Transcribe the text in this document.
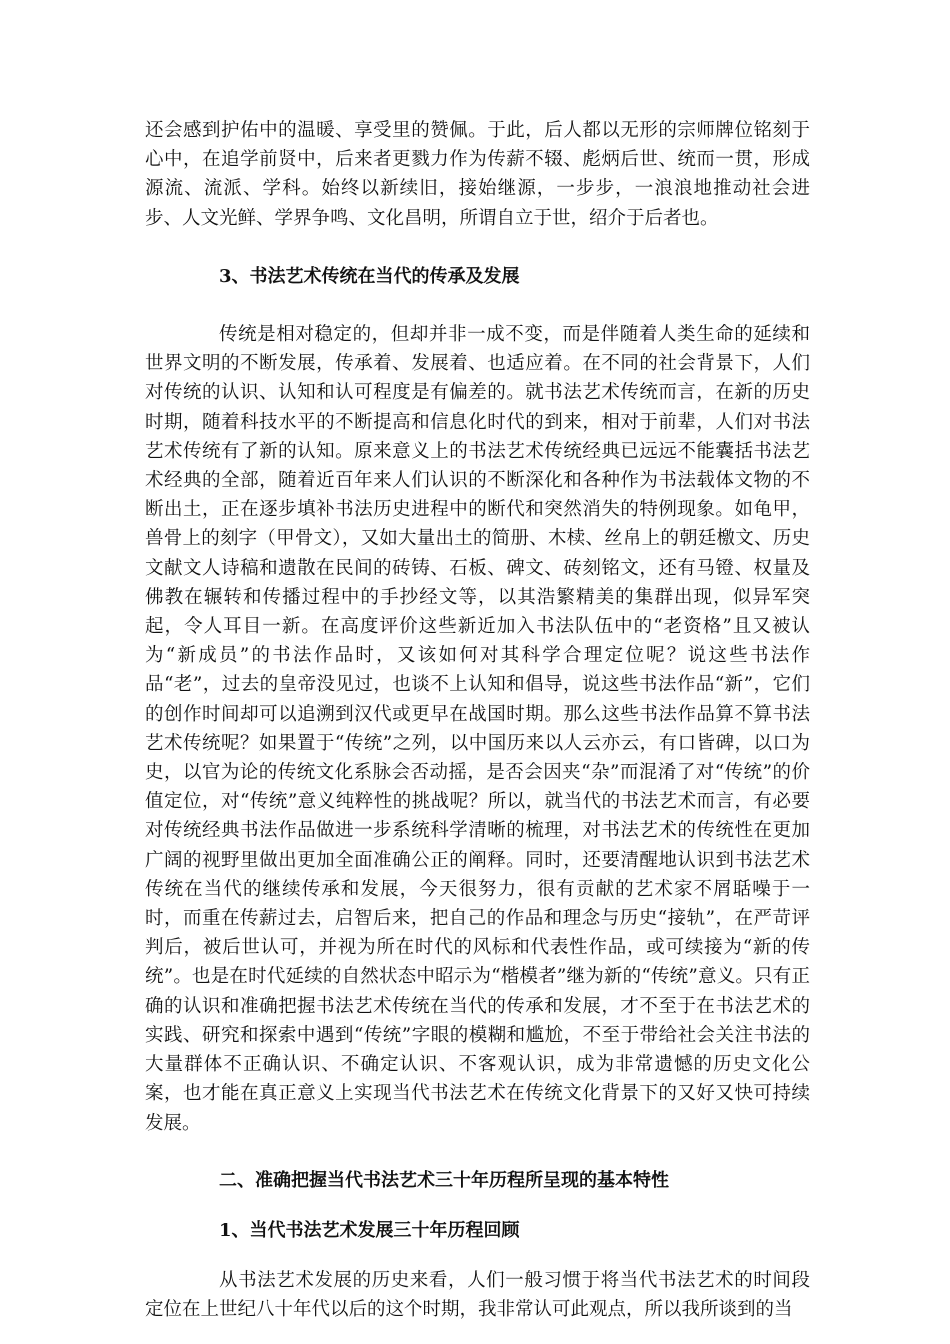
还会感到护佑中的温暖、享受里的赞佩。于此，后人都以无形的宗师牌位铭刻于心中，在追学前贤中，后来者更戮力作为传薪不辍、彪炳后世、统而一贯，形成源流、流派、学科。始终以新续旧，接始继源，一步步，一浪浪地推动社会进步、人文光鲜、学界争鸣、文化昌明，所谓自立于世，绍介于后者也。

3、书法艺术传统在当代的传承及发展

传统是相对稳定的，但却并非一成不变，而是伴随着人类生命的延续和世界文明的不断发展，传承着、发展着、也适应着。在不同的社会背景下，人们对传统的认识、认知和认可程度是有偏差的。就书法艺术传统而言，在新的历史时期，随着科技水平的不断提高和信息化时代的到来，相对于前辈，人们对书法艺术传统有了新的认知。原来意义上的书法艺术传统经典已远远不能囊括书法艺术经典的全部，随着近百年来人们认识的不断深化和各种作为书法载体文物的不断出土，正在逐步填补书法历史进程中的断代和突然消失的特例现象。如龟甲，兽骨上的刻字（甲骨文），又如大量出土的简册、木椟、丝帛上的朝廷檄文、历史文献文人诗稿和遗散在民间的砖铸、石板、碑文、砖刻铭文，还有马镫、权量及佛教在辗转和传播过程中的手抄经文等，以其浩繁精美的集群出现，似异军突起，令人耳目一新。在高度评价这些新近加入书法队伍中的“老资格”且又被认为“新成员”的书法作品时，又该如何对其科学合理定位呢？说这些书法作品“老”，过去的皇帝没见过，也谈不上认知和倡导，说这些书法作品“新”，它们的创作时间却可以追溯到汉代或更早在战国时期。那么这些书法作品算不算书法艺术传统呢？如果置于“传统”之列，以中国历来以人云亦云，有口皆碑，以口为史，以官为论的传统文化系脉会否动摇，是否会因夹“杂”而混淆了对“传统”的价值定位，对“传统”意义纯粹性的挑战呢？所以，就当代的书法艺术而言，有必要对传统经典书法作品做进一步系统科学清晰的梳理，对书法艺术的传统性在更加广阔的视野里做出更加全面准确公正的阐释。同时，还要清醒地认识到书法艺术传统在当代的继续传承和发展，今天很努力，很有贡献的艺术家不屑聒噪于一时，而重在传薪过去，启智后来，把自己的作品和理念与历史“接轨”，在严苛评判后，被后世认可，并视为所在时代的风标和代表性作品，或可续接为“新的传统”。也是在时代延续的自然状态中昭示为“楷模者”继为新的“传统”意义。只有正确的认识和准确把握书法艺术传统在当代的传承和发展，才不至于在书法艺术的实践、研究和探索中遇到“传统”字眼的模糊和尴尬，不至于带给社会关注书法的大量群体不正确认识、不确定认识、不客观认识，成为非常遗憾的历史文化公案，也才能在真正意义上实现当代书法艺术在传统文化背景下的又好又快可持续发展。

二、准确把握当代书法艺术三十年历程所呈现的基本特性

1、当代书法艺术发展三十年历程回顾

从书法艺术发展的历史来看，人们一般习惯于将当代书法艺术的时间段定位在上世纪八十年代以后的这个时期，我非常认可此观点，所以我所谈到的当
